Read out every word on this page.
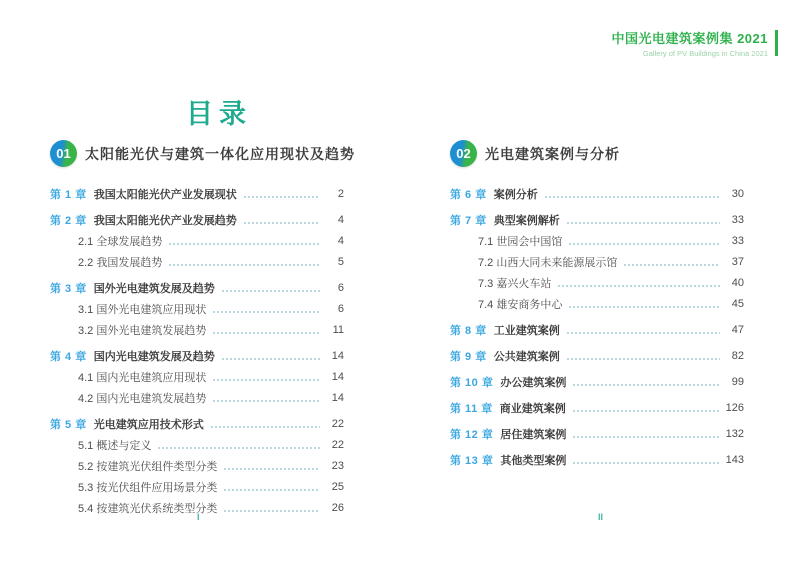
中国光电建筑案例集 2021
Gallery of PV Buildings in China 2021
目录
01	太阳能光伏与建筑一体化应用现状及趋势
第 1 章 我国太阳能光伏产业发展现状	2
第 2 章 我国太阳能光伏产业发展趋势	4
2.1 全球发展趋势	4
2.2 我国发展趋势	5
第 3 章 国外光电建筑发展及趋势	6
3.1 国外光电建筑应用现状	6
3.2 国外光电建筑发展趋势	11
第 4 章 国内光电建筑发展及趋势	14
4.1 国内光电建筑应用现状	14
4.2 国内光电建筑发展趋势	14
第 5 章 光电建筑应用技术形式	22
5.1 概述与定义	22
5.2 按建筑光伏组件类型分类	23
5.3 按光伏组件应用场景分类	25
5.4 按建筑光伏系统类型分类	26
02	光电建筑案例与分析
第 6 章 案例分析	30
第 7 章 典型案例解析	33
7.1 世园会中国馆	33
7.2 山西大同未来能源展示馆	37
7.3 嘉兴火车站	40
7.4 雄安商务中心	45
第 8 章 工业建筑案例	47
第 9 章 公共建筑案例	82
第 10 章 办公建筑案例	99
第 11 章 商业建筑案例	126
第 12 章 居住建筑案例	132
第 13 章 其他类型案例	143
I	II
